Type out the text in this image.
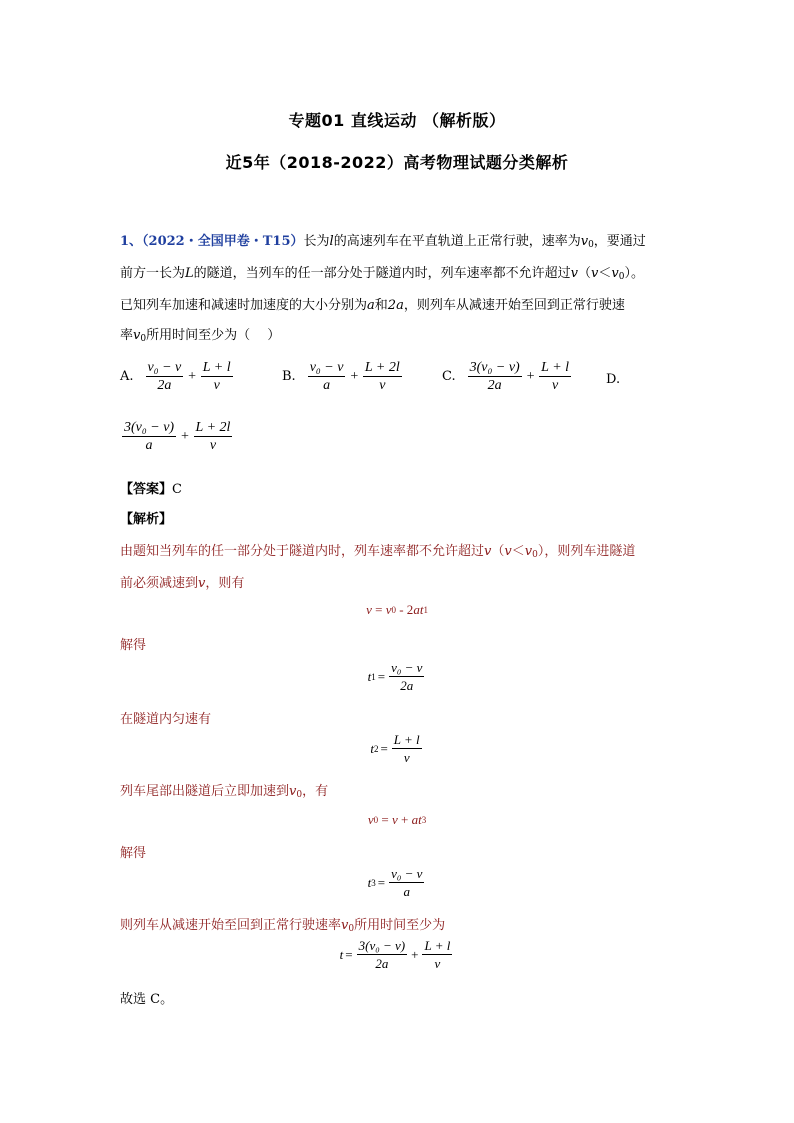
专题01 直线运动 （解析版）
近5年（2018-2022）高考物理试题分类解析
1、（2022・全国甲卷・T15）长为l的高速列车在平直轨道上正常行驶，速率为$v_0$，要通过
前方一长为L的隧道，当列车的任一部分处于隧道内时，列车速率都不允许超过$v(v<v_0)$。
已知列车加速和减速时加速度的大小分别为a和2a，则列车从减速开始至回到正常行驶速
率$v_0$所用时间至少为（　 ）
A. $\frac{\text{v₀ − v}}{2a} + \frac{L + l}{v}$	B. $\frac{\text{v₀ − v}}{a} + \frac{L + 2l}{v}$	C. $\frac{\text{3(v₀ − v)}}{2a} + \frac{L + l}{v}$	D.
$\frac{\text{3(v₀ − v)}}{a} + \frac{L + 2l}{v}$
【答案】C
【解析】
由题知当列车的任一部分处于隧道内时，列车速率都不允许超过$v(v<v_0)$，则列车进隧道
前必须减速到v，则有
v = v 0 - 2 at 1
解得
t $1 = \frac{\text{v₀ − v}}{2a}$
在隧道内匀速有
t $2 = \frac{L + l}{v}$
列车尾部出隧道后立即加速到$v_0$，有
v 0 = v + at 3
解得
t $3 = \frac{\text{v₀ − v}}{a}$
则列车从减速开始至回到正常行驶速率$v_0$所用时间至少为
$t = \frac{\text{3(v₀ − v)}}{2a} + \frac{L + l}{v}$
故选 C。
